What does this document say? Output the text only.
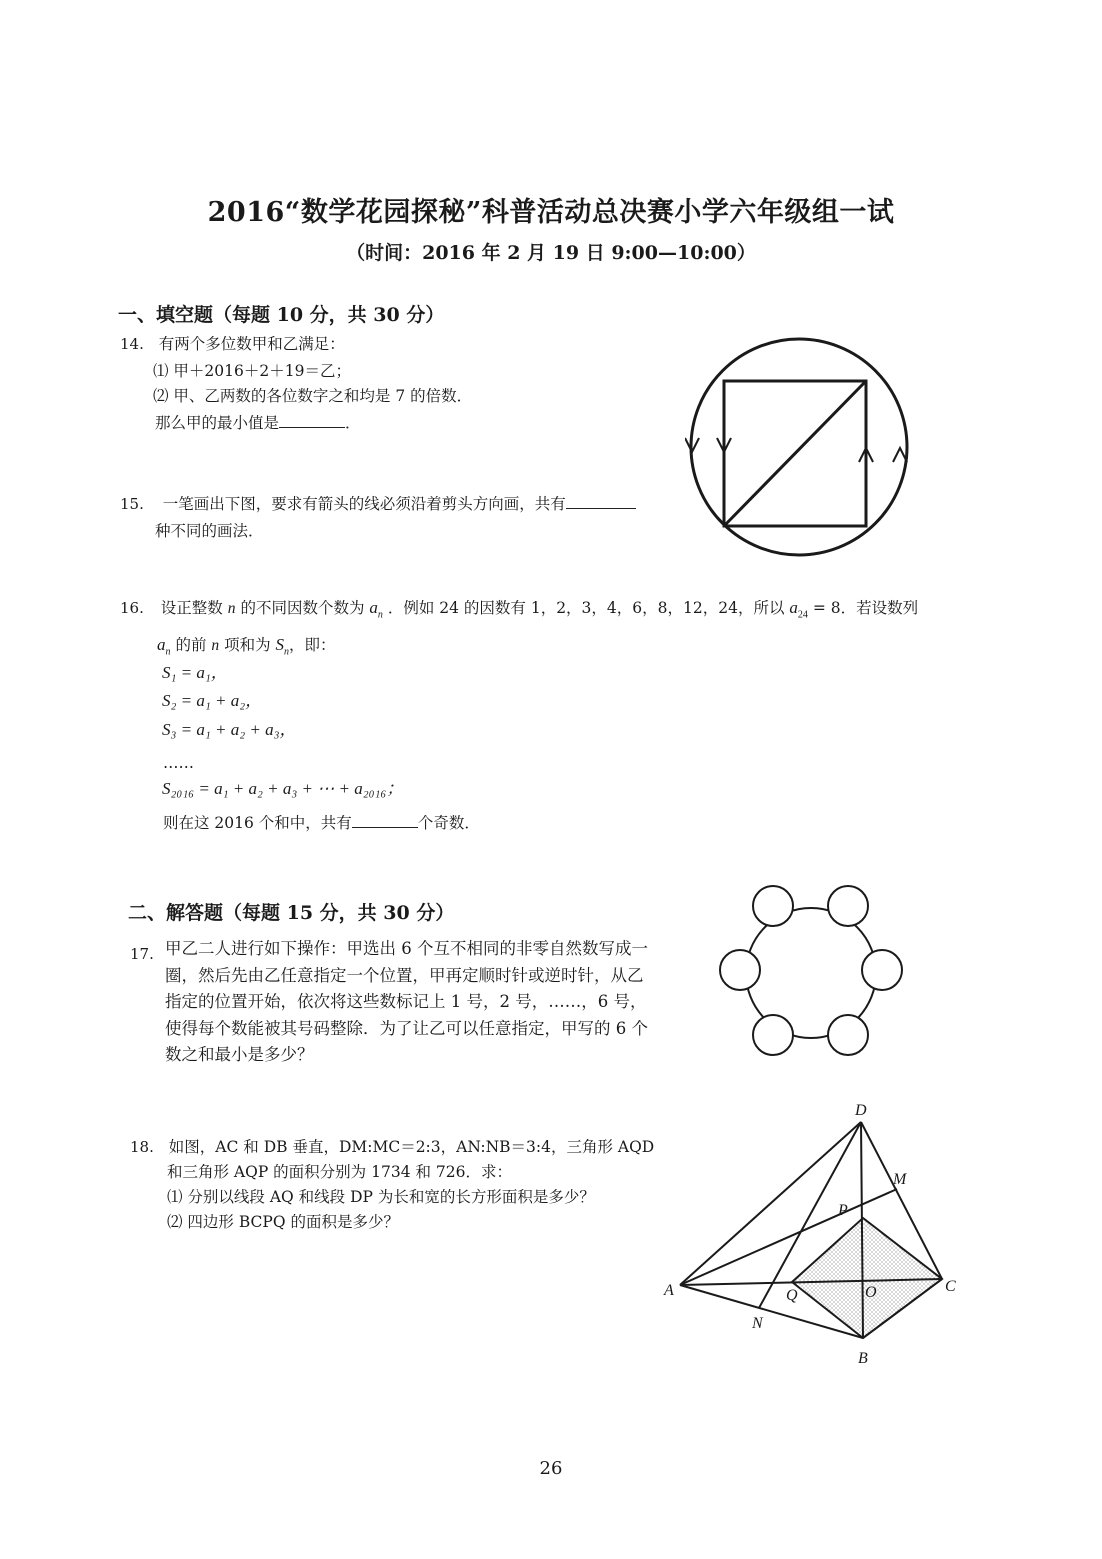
2016“数学花园探秘”科普活动总决赛小学六年级组一试
（时间：2016 年 2 月 19 日 9:00—10:00）
一、填空题（每题 10 分，共 30 分）
14. 有两个多位数甲和乙满足：
⑴ 甲＋2016＋2＋19＝乙；
⑵ 甲、乙两数的各位数字之和均是 7 的倍数．
那么甲的最小值是	．
15. 一笔画出下图，要求有箭头的线必须沿着剪头方向画，共有
种不同的画法．
16. 设正整数 n 的不同因数个数为 $a_n$ ．例如 24 的因数有 1，2，3，4，6，8，12，24，所以 $a_{24} = 8$．若设数列
$a_n$ 的前 n 项和为 $S_n$，即：
S₁ = a₁，
S₂ = a₁ + a₂，
S₃ = a₁ + a₂ + a₃，
……
S₂₀₁₆ = a₁ + a₂ + a₃ + ⋯ + a₂₀₁₆；
则在这 2016 个和中，共有	个奇数．
二、解答题（每题 15 分，共 30 分）
17. 甲乙二人进行如下操作：甲选出 6 个互不相同的非零自然数写成一
圈，然后先由乙任意指定一个位置，甲再定顺时针或逆时针，从乙
指定的位置开始，依次将这些数标记上 1 号，2 号，……，6 号，
使得每个数能被其号码整除．为了让乙可以任意指定，甲写的 6 个
数之和最小是多少？
18. 如图，AC 和 DB 垂直，DM:MC＝2:3，AN:NB＝3:4，三角形 AQD
和三角形 AQP 的面积分别为 1734 和 726．求：
⑴ 分别以线段 AQ 和线段 DP 为长和宽的长方形面积是多少？
⑵ 四边形 BCPQ 的面积是多少？
D
M
P
A	Q	O	C
N
B
26
